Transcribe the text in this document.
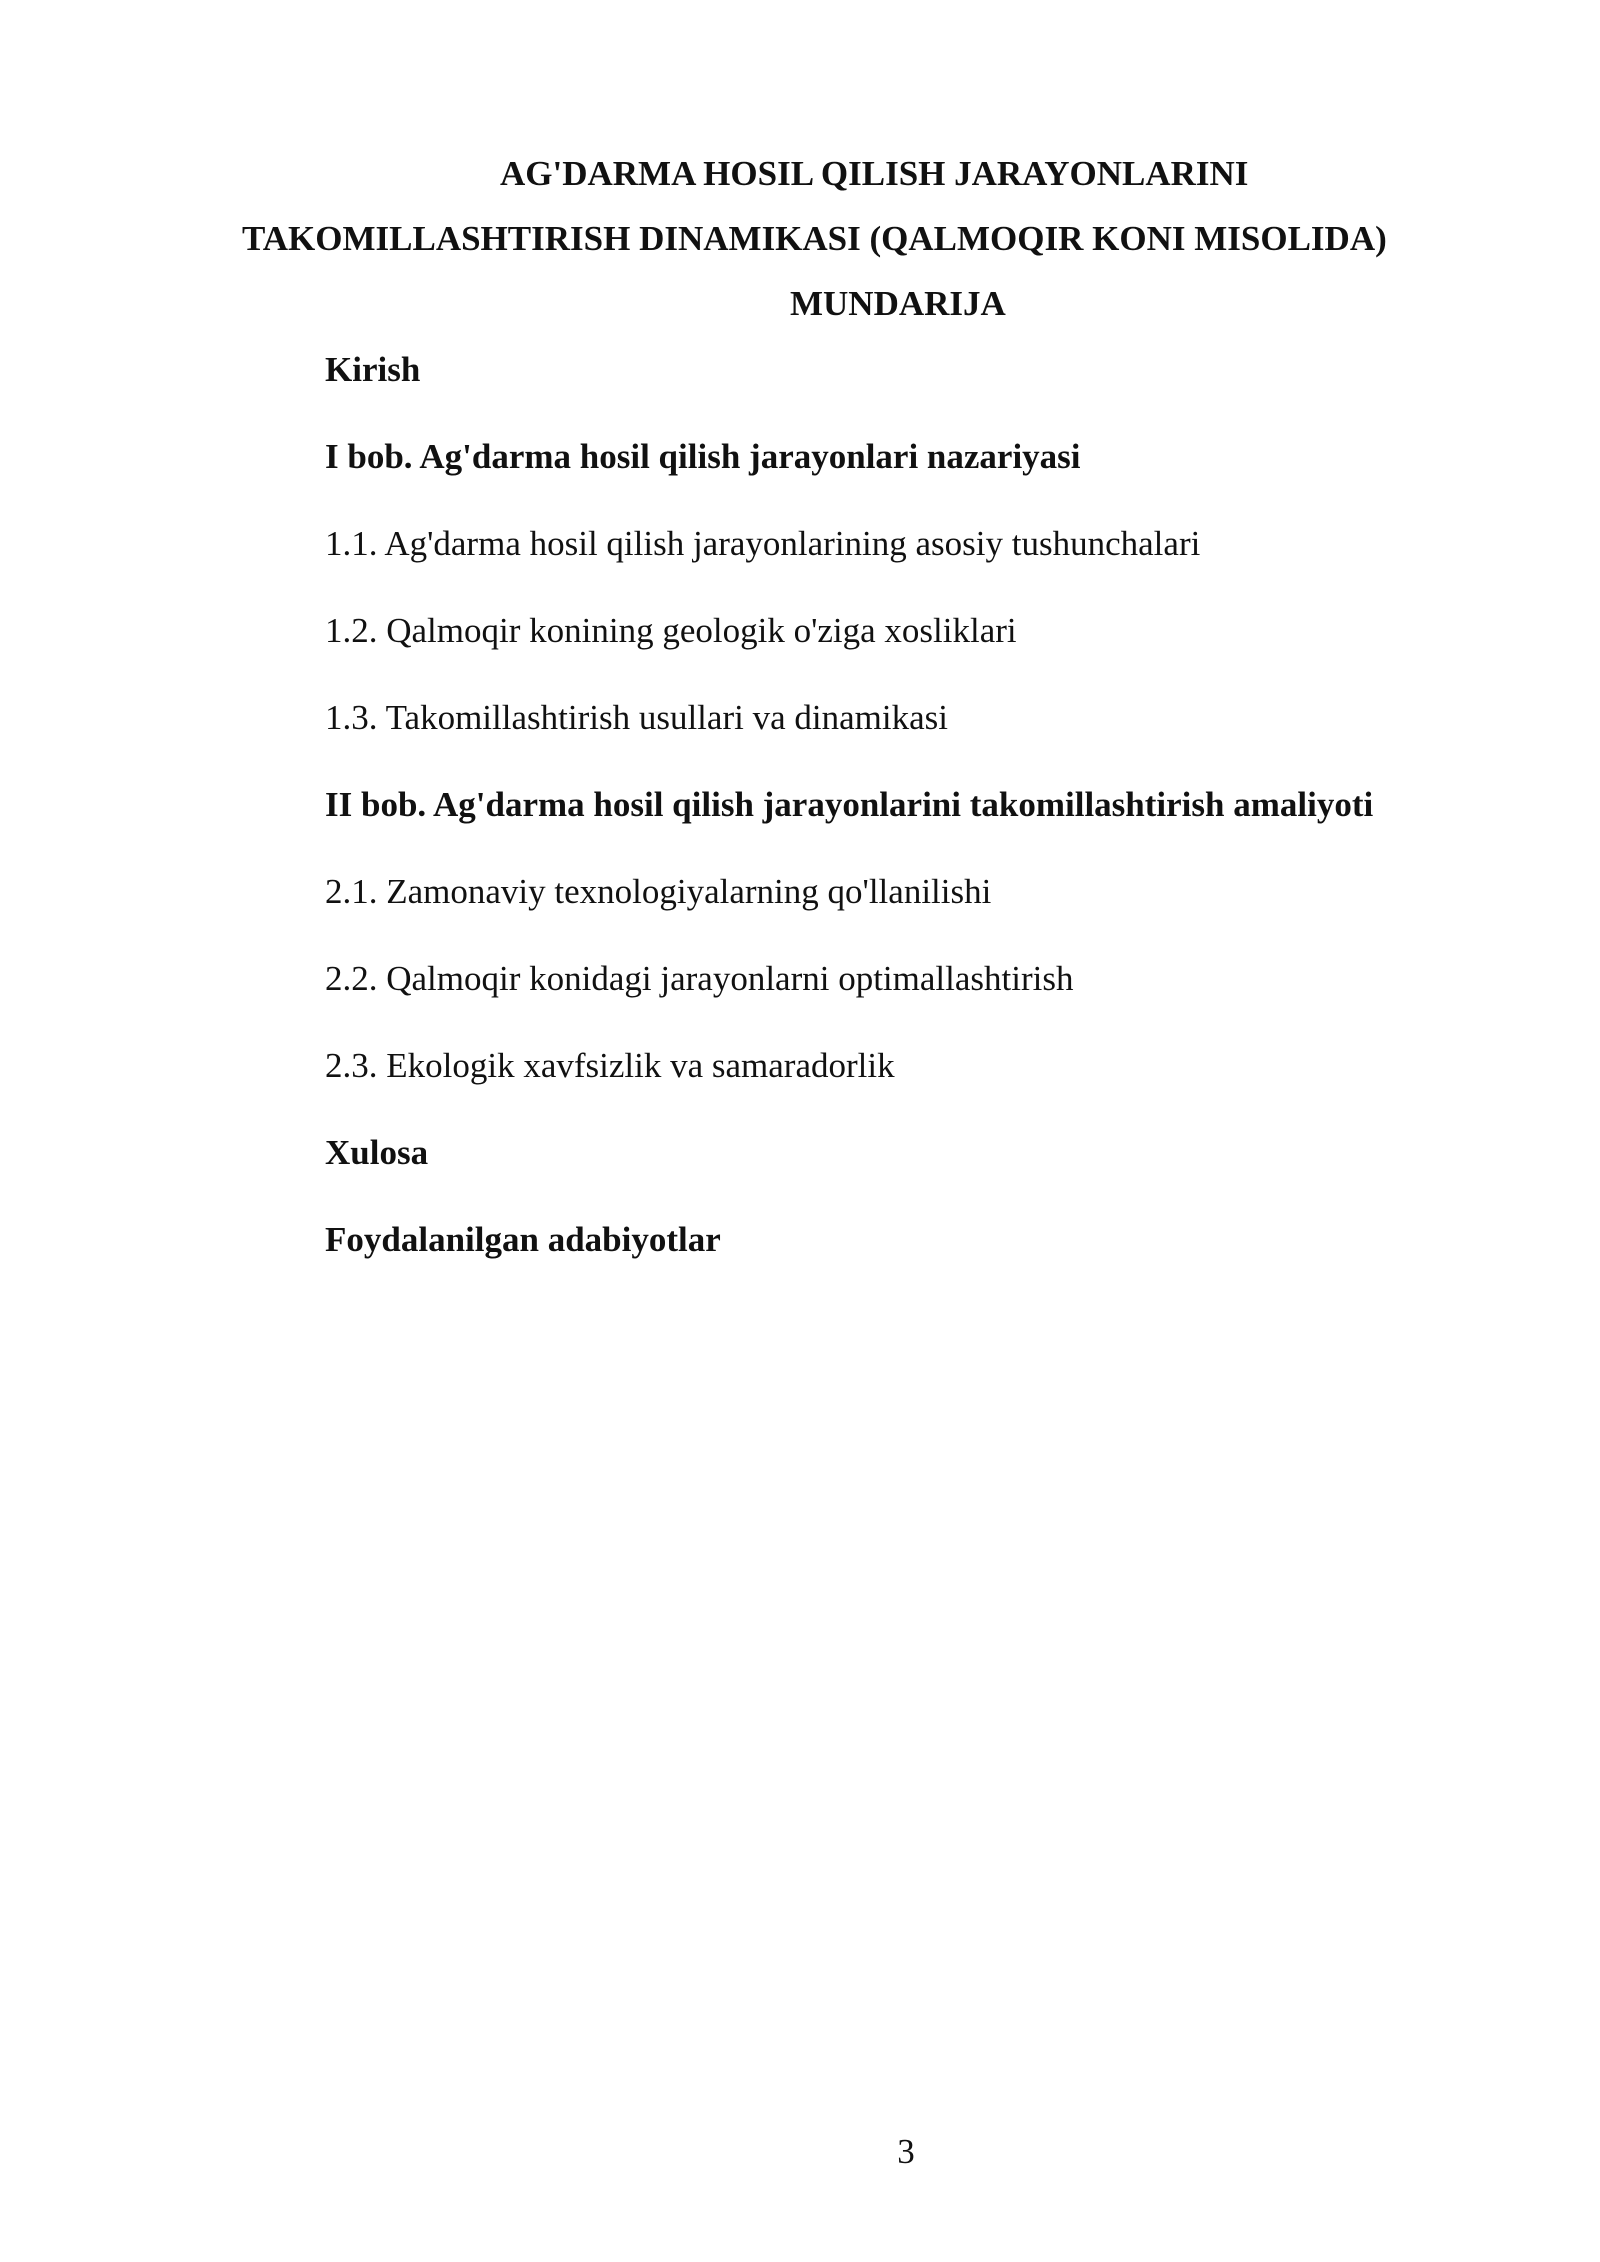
AG'DARMA HOSIL QILISH JARAYONLARINI
TAKOMILLASHTIRISH DINAMIKASI (QALMOQIR KONI MISOLIDA)
MUNDARIJA
Kirish
I bob. Ag'darma hosil qilish jarayonlari nazariyasi
1.1. Ag'darma hosil qilish jarayonlarining asosiy tushunchalari
1.2. Qalmoqir konining geologik o'ziga xosliklari
1.3. Takomillashtirish usullari va dinamikasi
II bob. Ag'darma hosil qilish jarayonlarini takomillashtirish amaliyoti
2.1. Zamonaviy texnologiyalarning qo'llanilishi
2.2. Qalmoqir konidagi jarayonlarni optimallashtirish
2.3. Ekologik xavfsizlik va samaradorlik
Xulosa
Foydalanilgan adabiyotlar
3
